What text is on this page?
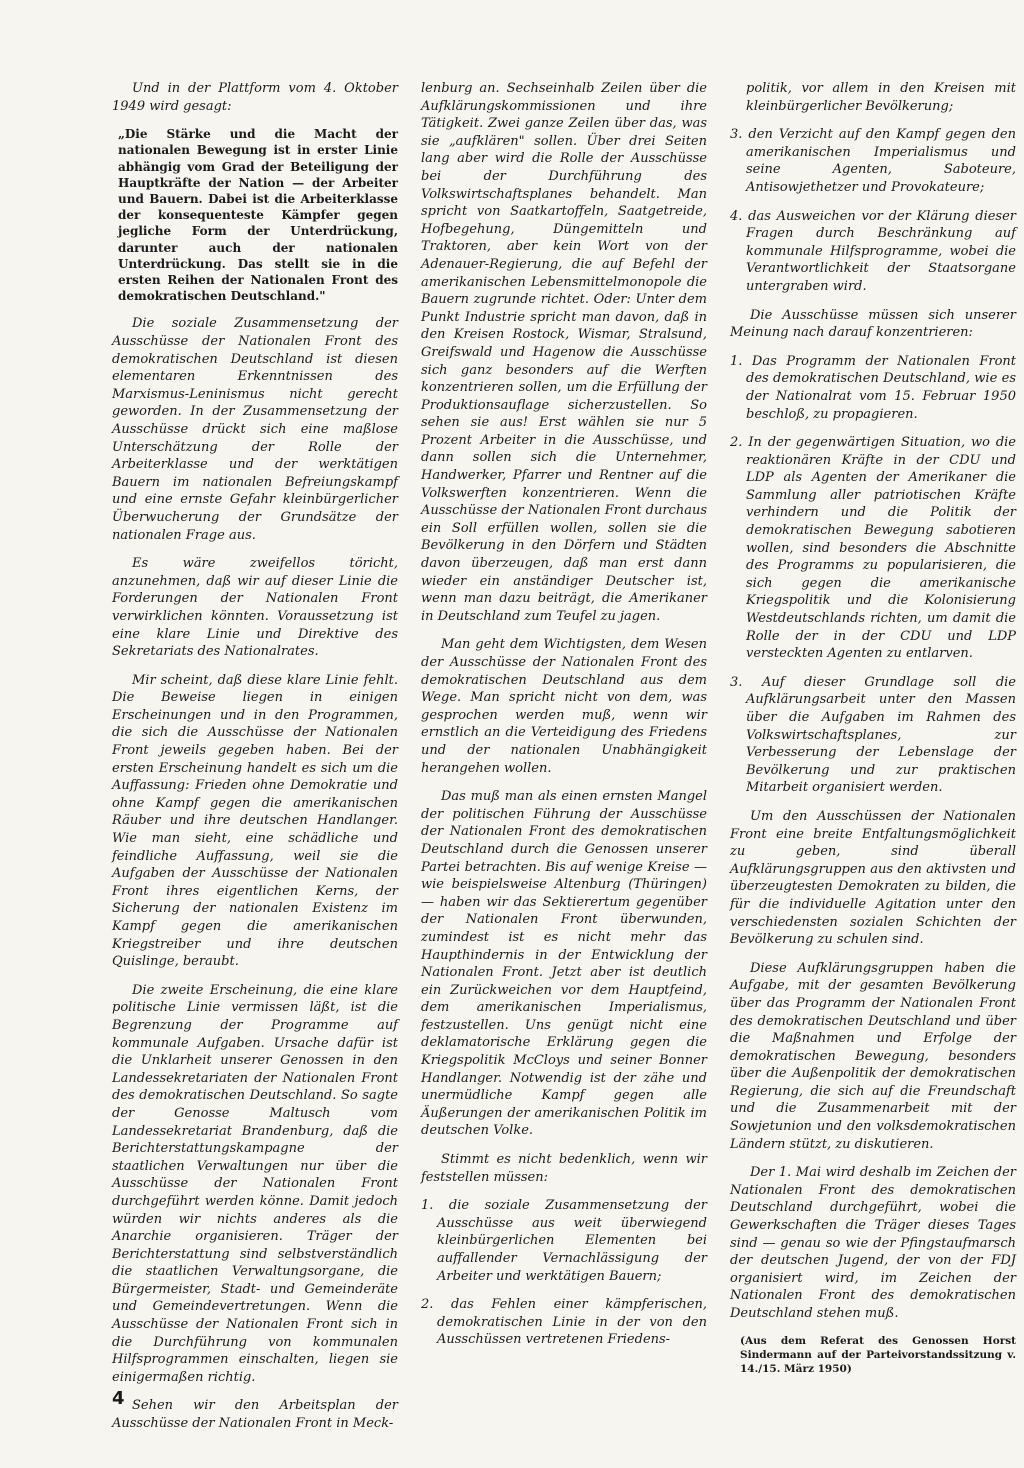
Und in der Plattform vom 4. Oktober 1949 wird gesagt:

„Die Stärke und die Macht der nationalen Bewegung ist in erster Linie abhängig vom Grad der Beteiligung der Hauptkräfte der Nation — der Arbeiter und Bauern. Dabei ist die Arbeiterklasse der konsequenteste Kämpfer gegen jegliche Form der Unterdrückung, darunter auch der nationalen Unterdrückung. Das stellt sie in die ersten Reihen der Nationalen Front des demokratischen Deutschland."

Die soziale Zusammensetzung der Ausschüsse der Nationalen Front des demokratischen Deutschland ist diesen elementaren Erkenntnissen des Marxismus-Leninismus nicht gerecht geworden. In der Zusammensetzung der Ausschüsse drückt sich eine maßlose Unterschätzung der Rolle der Arbeiterklasse und der werktätigen Bauern im nationalen Befreiungskampf und eine ernste Gefahr kleinbürgerlicher Überwucherung der Grundsätze der nationalen Frage aus.

Es wäre zweifellos töricht, anzunehmen, daß wir auf dieser Linie die Forderungen der Nationalen Front verwirklichen könnten. Voraussetzung ist eine klare Linie und Direktive des Sekretariats des Nationalrates.

Mir scheint, daß diese klare Linie fehlt. Die Beweise liegen in einigen Erscheinungen und in den Programmen, die sich die Ausschüsse der Nationalen Front jeweils gegeben haben. Bei der ersten Erscheinung handelt es sich um die Auffassung: Frieden ohne Demokratie und ohne Kampf gegen die amerikanischen Räuber und ihre deutschen Handlanger. Wie man sieht, eine schädliche und feindliche Auffassung, weil sie die Aufgaben der Ausschüsse der Nationalen Front ihres eigentlichen Kerns, der Sicherung der nationalen Existenz im Kampf gegen die amerikanischen Kriegstreiber und ihre deutschen Quislinge, beraubt.

Die zweite Erscheinung, die eine klare politische Linie vermissen läßt, ist die Begrenzung der Programme auf kommunale Aufgaben. Ursache dafür ist die Unklarheit unserer Genossen in den Landessekretariaten der Nationalen Front des demokratischen Deutschland. So sagte der Genosse Maltusch vom Landessekretariat Brandenburg, daß die Berichterstattungskampagne der staatlichen Verwaltungen nur über die Ausschüsse der Nationalen Front durchgeführt werden könne. Damit jedoch würden wir nichts anderes als die Anarchie organisieren. Träger der Berichterstattung sind selbstverständlich die staatlichen Verwaltungsorgane, die Bürgermeister, Stadt- und Gemeinderäte und Gemeindevertretungen. Wenn die Ausschüsse der Nationalen Front sich in die Durchführung von kommunalen Hilfsprogrammen einschalten, liegen sie einigermaßen richtig.

Sehen wir den Arbeitsplan der Ausschüsse der Nationalen Front in Meck-

lenburg an. Sechseinhalb Zeilen über die Aufklärungskommissionen und ihre Tätigkeit. Zwei ganze Zeilen über das, was sie „aufklären" sollen. Über drei Seiten lang aber wird die Rolle der Ausschüsse bei der Durchführung des Volkswirtschaftsplanes behandelt. Man spricht von Saatkartoffeln, Saatgetreide, Hofbegehung, Düngemitteln und Traktoren, aber kein Wort von der Adenauer-Regierung, die auf Befehl der amerikanischen Lebensmittelmonopole die Bauern zugrunde richtet. Oder: Unter dem Punkt Industrie spricht man davon, daß in den Kreisen Rostock, Wismar, Stralsund, Greifswald und Hagenow die Ausschüsse sich ganz besonders auf die Werften konzentrieren sollen, um die Erfüllung der Produktionsauflage sicherzustellen. So sehen sie aus! Erst wählen sie nur 5 Prozent Arbeiter in die Ausschüsse, und dann sollen sich die Unternehmer, Handwerker, Pfarrer und Rentner auf die Volkswerften konzentrieren. Wenn die Ausschüsse der Nationalen Front durchaus ein Soll erfüllen wollen, sollen sie die Bevölkerung in den Dörfern und Städten davon überzeugen, daß man erst dann wieder ein anständiger Deutscher ist, wenn man dazu beiträgt, die Amerikaner in Deutschland zum Teufel zu jagen.

Man geht dem Wichtigsten, dem Wesen der Ausschüsse der Nationalen Front des demokratischen Deutschland aus dem Wege. Man spricht nicht von dem, was gesprochen werden muß, wenn wir ernstlich an die Verteidigung des Friedens und der nationalen Unabhängigkeit herangehen wollen.

Das muß man als einen ernsten Mangel der politischen Führung der Ausschüsse der Nationalen Front des demokratischen Deutschland durch die Genossen unserer Partei betrachten. Bis auf wenige Kreise — wie beispielsweise Altenburg (Thüringen) — haben wir das Sektierertum gegenüber der Nationalen Front überwunden, zumindest ist es nicht mehr das Haupthindernis in der Entwicklung der Nationalen Front. Jetzt aber ist deutlich ein Zurückweichen vor dem Hauptfeind, dem amerikanischen Imperialismus, festzustellen. Uns genügt nicht eine deklamatorische Erklärung gegen die Kriegspolitik McCloys und seiner Bonner Handlanger. Notwendig ist der zähe und unermüdliche Kampf gegen alle Äußerungen der amerikanischen Politik im deutschen Volke.

Stimmt es nicht bedenklich, wenn wir feststellen müssen:

1. die soziale Zusammensetzung der Ausschüsse aus weit überwiegend kleinbürgerlichen Elementen bei auffallender Vernachlässigung der Arbeiter und werktätigen Bauern;

2. das Fehlen einer kämpferischen, demokratischen Linie in der von den Ausschüssen vertretenen Friedens-

politik, vor allem in den Kreisen mit kleinbürgerlicher Bevölkerung;

3. den Verzicht auf den Kampf gegen den amerikanischen Imperialismus und seine Agenten, Saboteure, Antisowjethetzer und Provokateure;

4. das Ausweichen vor der Klärung dieser Fragen durch Beschränkung auf kommunale Hilfsprogramme, wobei die Verantwortlichkeit der Staatsorgane untergraben wird.

Die Ausschüsse müssen sich unserer Meinung nach darauf konzentrieren:

1. Das Programm der Nationalen Front des demokratischen Deutschland, wie es der Nationalrat vom 15. Februar 1950 beschloß, zu propagieren.

2. In der gegenwärtigen Situation, wo die reaktionären Kräfte in der CDU und LDP als Agenten der Amerikaner die Sammlung aller patriotischen Kräfte verhindern und die Politik der demokratischen Bewegung sabotieren wollen, sind besonders die Abschnitte des Programms zu popularisieren, die sich gegen die amerikanische Kriegspolitik und die Kolonisierung Westdeutschlands richten, um damit die Rolle der in der CDU und LDP versteckten Agenten zu entlarven.

3. Auf dieser Grundlage soll die Aufklärungsarbeit unter den Massen über die Aufgaben im Rahmen des Volkswirtschaftsplanes, zur Verbesserung der Lebenslage der Bevölkerung und zur praktischen Mitarbeit organisiert werden.

Um den Ausschüssen der Nationalen Front eine breite Entfaltungsmöglichkeit zu geben, sind überall Aufklärungsgruppen aus den aktivsten und überzeugtesten Demokraten zu bilden, die für die individuelle Agitation unter den verschiedensten sozialen Schichten der Bevölkerung zu schulen sind.

Diese Aufklärungsgruppen haben die Aufgabe, mit der gesamten Bevölkerung über das Programm der Nationalen Front des demokratischen Deutschland und über die Maßnahmen und Erfolge der demokratischen Bewegung, besonders über die Außenpolitik der demokratischen Regierung, die sich auf die Freundschaft und die Zusammenarbeit mit der Sowjetunion und den volksdemokratischen Ländern stützt, zu diskutieren.

Der 1. Mai wird deshalb im Zeichen der Nationalen Front des demokratischen Deutschland durchgeführt, wobei die Gewerkschaften die Träger dieses Tages sind — genau so wie der Pfingstaufmarsch der deutschen Jugend, der von der FDJ organisiert wird, im Zeichen der Nationalen Front des demokratischen Deutschland stehen muß.

(Aus dem Referat des Genossen Horst Sindermann auf der Parteivorstandssitzung v. 14./15. März 1950)

4
